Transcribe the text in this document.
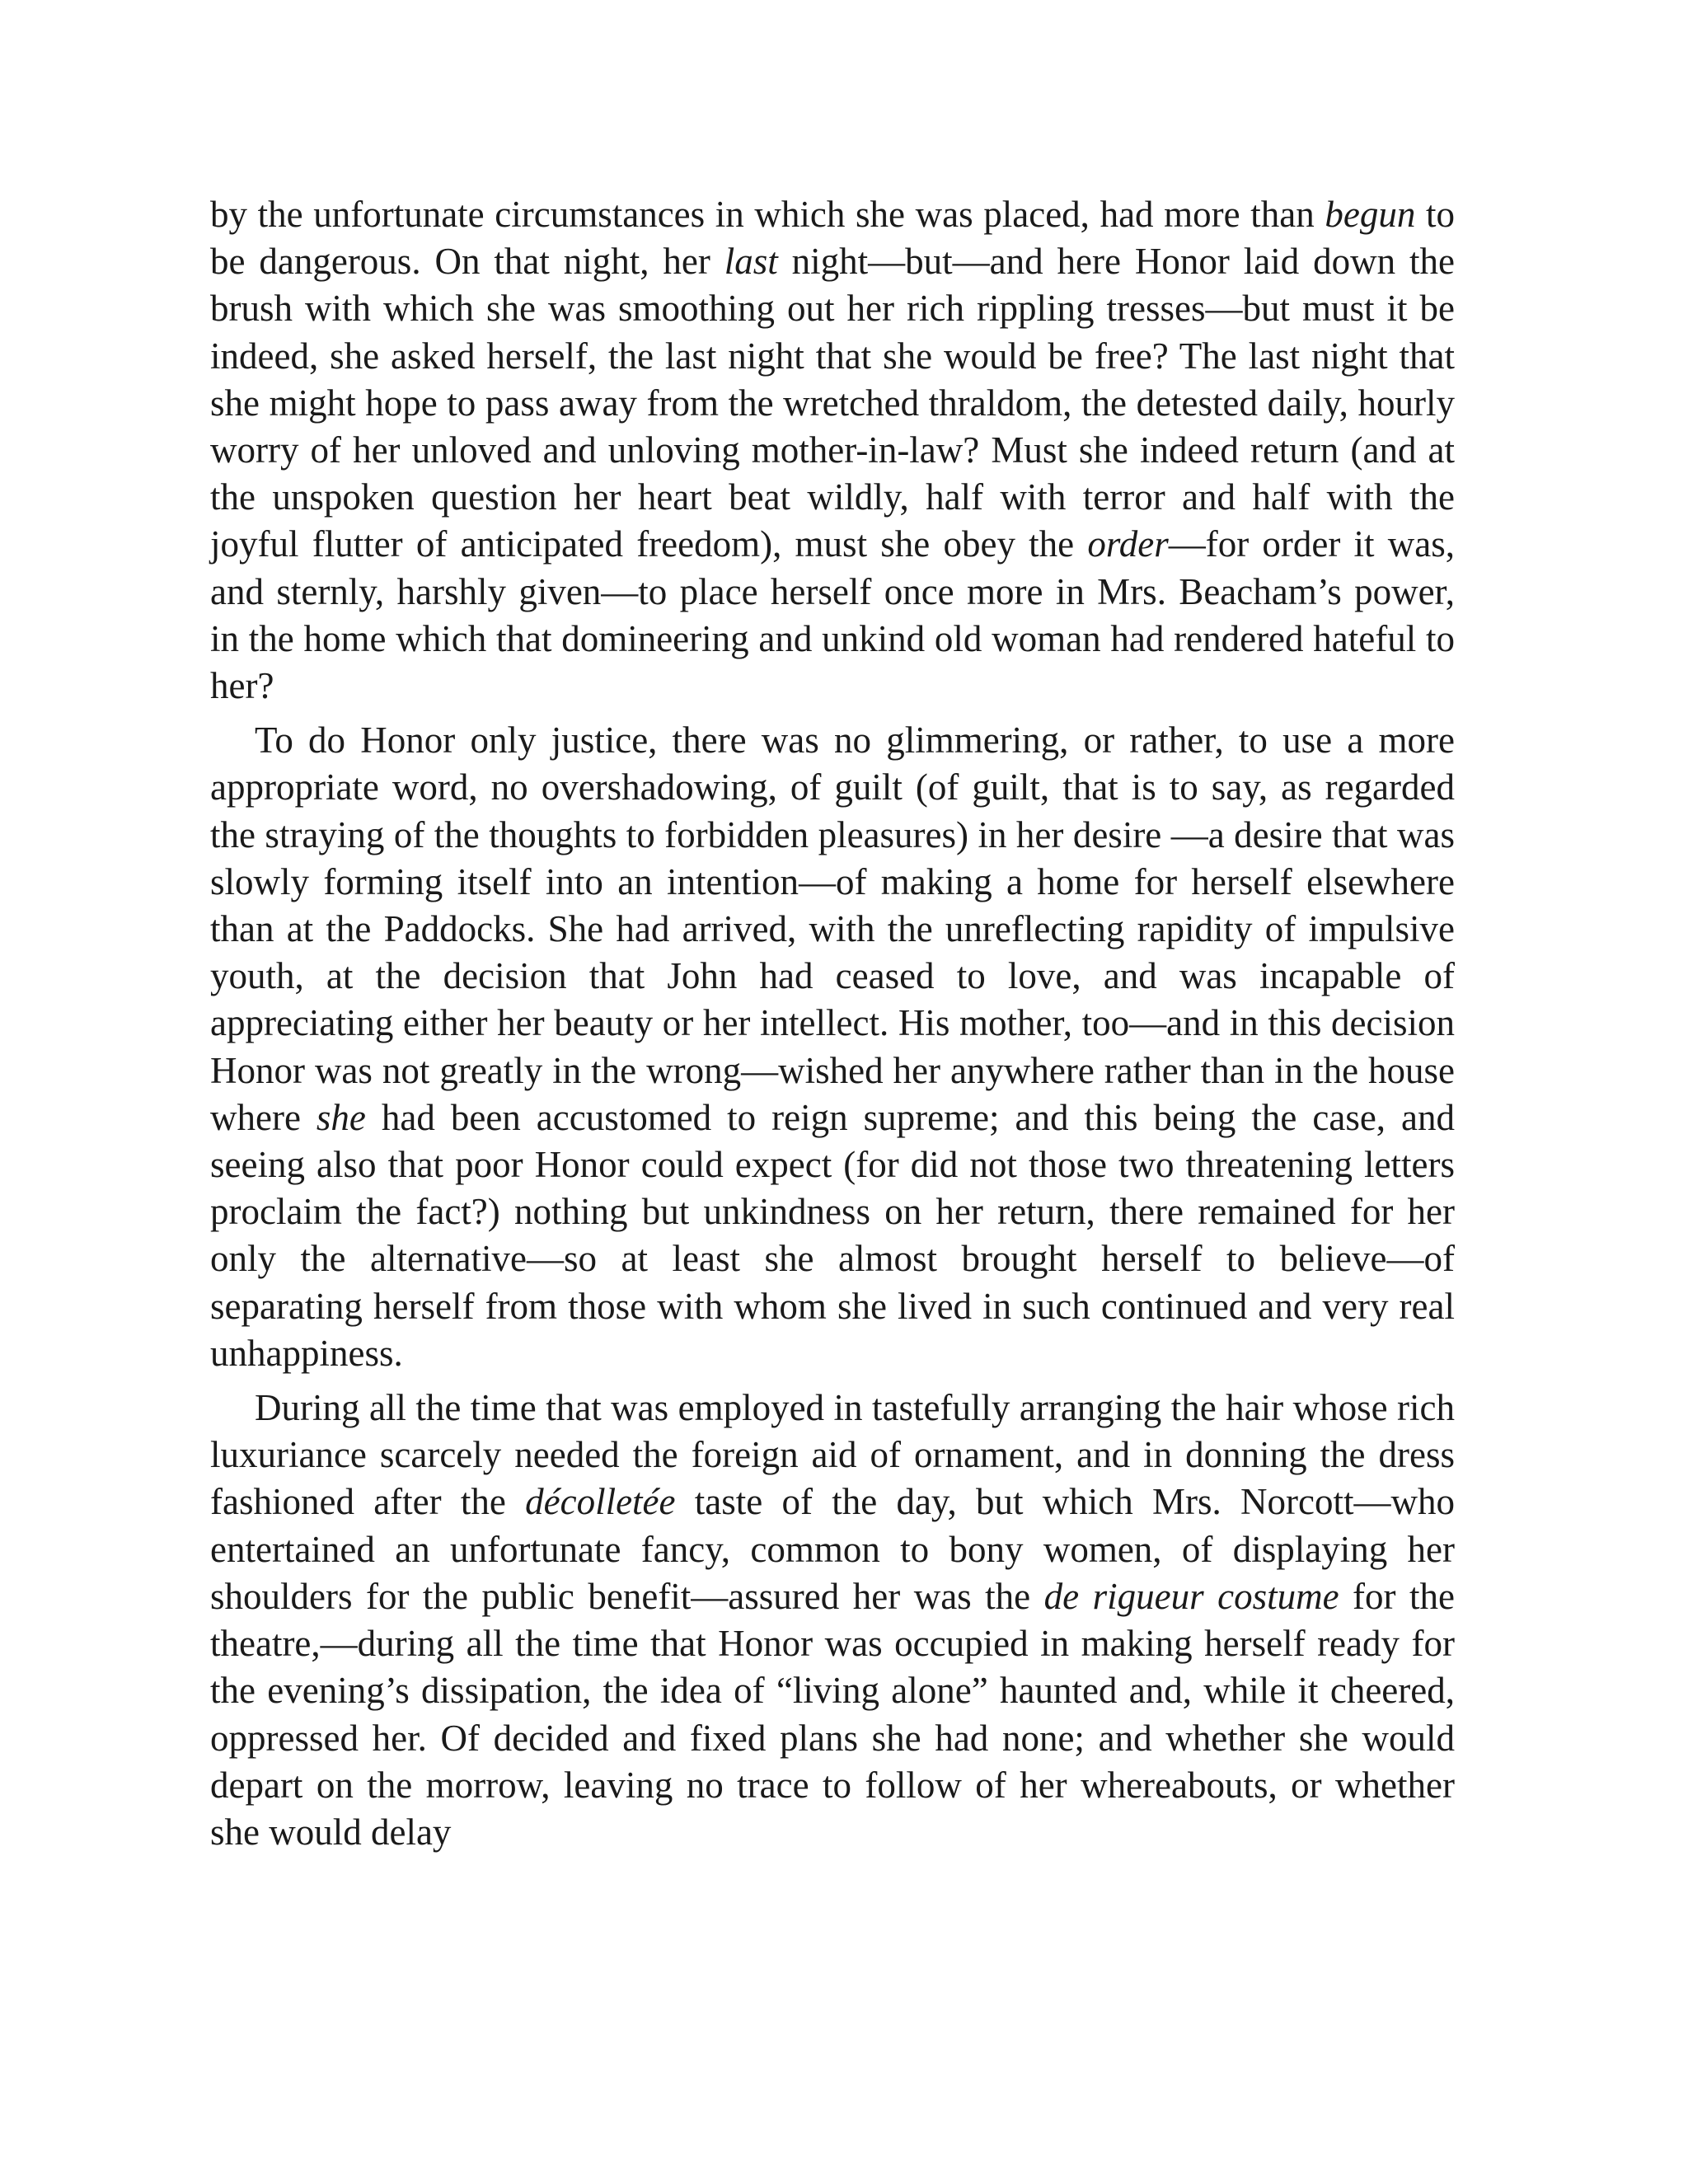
by the unfortunate circumstances in which she was placed, had more than begun to be dangerous. On that night, her last night—but—and here Honor laid down the brush with which she was smoothing out her rich rippling tresses—but must it be indeed, she asked herself, the last night that she would be free? The last night that she might hope to pass away from the wretched thraldom, the detested daily, hourly worry of her unloved and unloving mother-in-law? Must she indeed return (and at the unspoken question her heart beat wildly, half with terror and half with the joyful flutter of anticipated freedom), must she obey the order—for order it was, and sternly, harshly given—to place herself once more in Mrs. Beacham’s power, in the home which that domineering and unkind old woman had rendered hateful to her?

To do Honor only justice, there was no glimmering, or rather, to use a more appropriate word, no overshadowing, of guilt (of guilt, that is to say, as regarded the straying of the thoughts to forbidden pleasures) in her desire —a desire that was slowly forming itself into an intention—of making a home for herself elsewhere than at the Paddocks. She had arrived, with the unreflecting rapidity of impulsive youth, at the decision that John had ceased to love, and was incapable of appreciating either her beauty or her intellect. His mother, too—and in this decision Honor was not greatly in the wrong—wished her anywhere rather than in the house where she had been accustomed to reign supreme; and this being the case, and seeing also that poor Honor could expect (for did not those two threatening letters proclaim the fact?) nothing but unkindness on her return, there remained for her only the alternative—so at least she almost brought herself to believe—of separating herself from those with whom she lived in such continued and very real unhappiness.

During all the time that was employed in tastefully arranging the hair whose rich luxuriance scarcely needed the foreign aid of ornament, and in donning the dress fashioned after the décolletée taste of the day, but which Mrs. Norcott—who entertained an unfortunate fancy, common to bony women, of displaying her shoulders for the public benefit—assured her was the de rigueur costume for the theatre,—during all the time that Honor was occupied in making herself ready for the evening’s dissipation, the idea of “living alone” haunted and, while it cheered, oppressed her. Of decided and fixed plans she had none; and whether she would depart on the morrow, leaving no trace to follow of her whereabouts, or whether she would delay
